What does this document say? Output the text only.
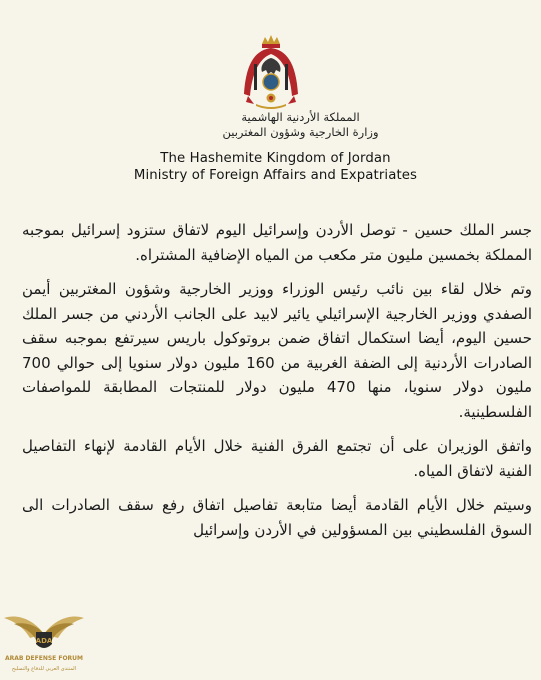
المملكة الأردنية الهاشمية
وزارة الخارجية وشؤون المغتربين
The Hashemite Kingdom of Jordan
Ministry of Foreign Affairs and Expatriates

جسر الملك حسين - توصل الأردن وإسرائيل اليوم لاتفاق ستزود إسرائيل بموجبه المملكة بخمسين مليون متر مكعب من المياه الإضافية المشتراه.

وتم خلال لقاء بين نائب رئيس الوزراء ووزير الخارجية وشؤون المغتربين أيمن الصفدي ووزير الخارجية الإسرائيلي يائير لابيد على الجانب الأردني من جسر الملك حسين اليوم، أيضا استكمال اتفاق ضمن بروتوكول باريس سيرتفع بموجبه سقف الصادرات الأردنية إلى الضفة الغربية من 160 مليون دولار سنويا إلى حوالي 700 مليون دولار سنويا، منها 470 مليون دولار للمنتجات المطابقة للمواصفات الفلسطينية.

واتفق الوزيران على أن تجتمع الفرق الفنية خلال الأيام القادمة لإنهاء التفاصيل الفنية لاتفاق المياه.

وسيتم خلال الأيام القادمة أيضا متابعة تفاصيل اتفاق رفع سقف الصادرات الى السوق الفلسطيني بين المسؤولين في الأردن وإسرائيل

ADA
ARAB DEFENSE FORUM
المنتدى العربي للدفاع والتسليح
